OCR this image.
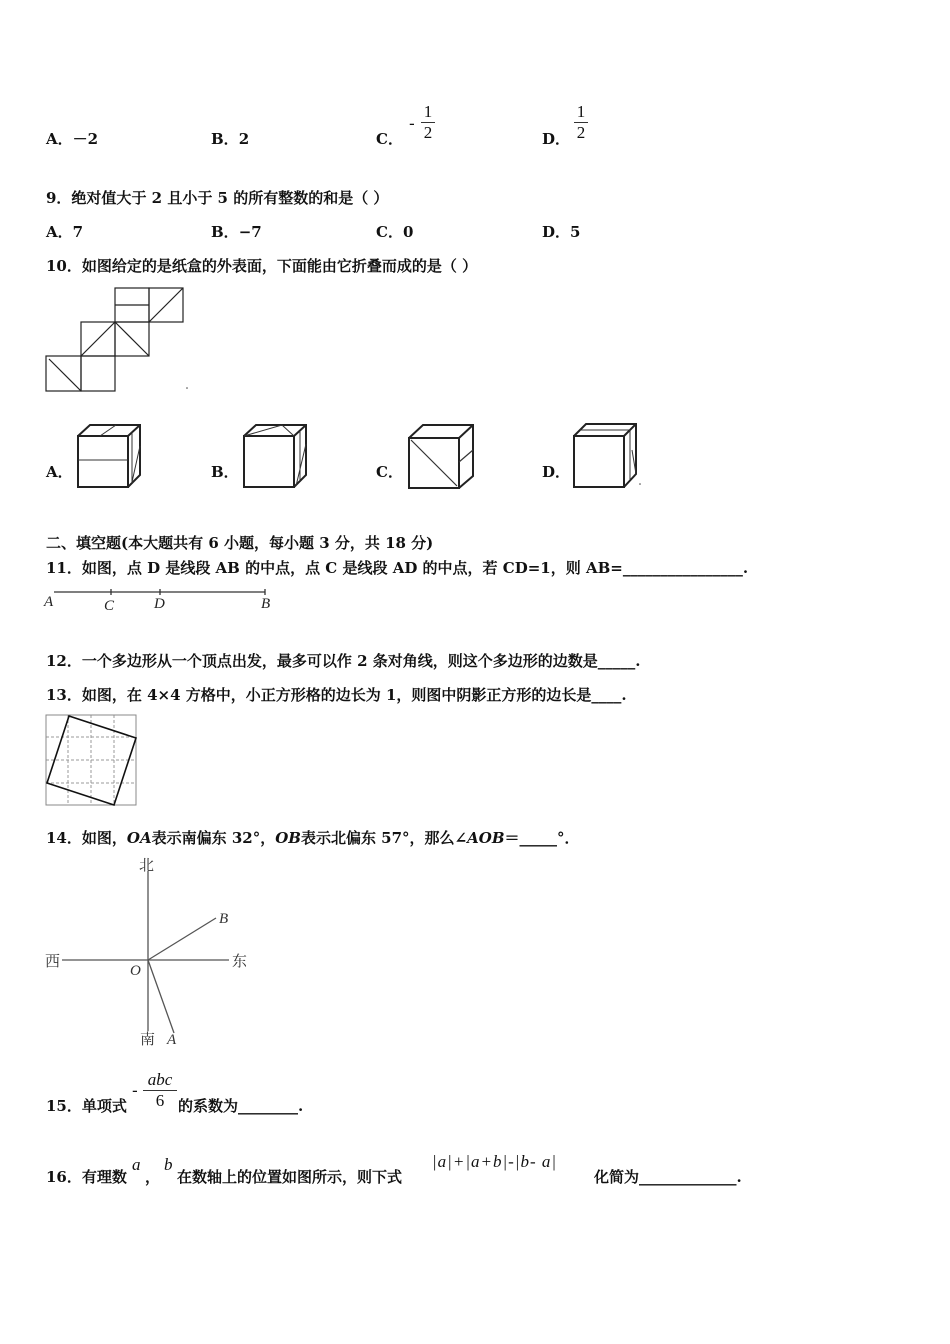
A．－2	B．2	C．
- $\frac{1}{2}$	D． $\frac{1}{2}$
9．绝对值大于 2 且小于 5 的所有整数的和是（ ）
A．7	B．−7	C．0	D．5
10．如图给定的是纸盒的外表面，下面能由它折叠而成的是（ ）
A．	B．	C．	D．
二、填空题(本大题共有 6 小题，每小题 3 分，共 18 分)
11．如图，点 D 是线段 AB 的中点，点 C 是线段 AD 的中点，若 CD=1，则 AB=________________.
A	C	D	B
12．一个多边形从一个顶点出发，最多可以作 2 条对角线，则这个多边形的边数是_____.
13．如图，在 4×4 方格中，小正方形格的边长为 1，则图中阴影正方形的边长是____.
14．如图，OA表示南偏东 32°，OB表示北偏东 57°，那么∠AOB＝_____°．
北
南
西	东
O
A
B
15．单项式
-
abc
6 的系数为________.
16．有理数
a
，
b
在数轴上的位置如图所示，则下式
|a|+|a+b|-|b- a|
化简为_____________.
